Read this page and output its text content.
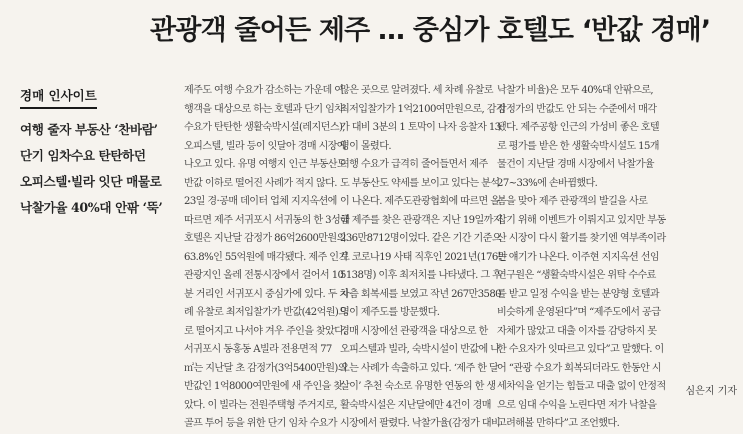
관광객 줄어든 제주 … 중심가 호텔도 ‘반값 경매’
경매 인사이트
여행 줄자 부동산 ‘찬바람’
단기 임차수요 탄탄하던
오피스텔·빌라 잇단 매물로
낙찰가율 40%대 안팎 ‘뚝’
제주도 여행 수요가 감소하는 가운데 여
행객을 대상으로 하는 호텔과 단기 임차
수요가 탄탄한 생활숙박시설(레지던스),
오피스텔, 빌라 등이 잇달아 경매 시장에
나오고 있다. 유명 여행지 인근 부동산도
반값 이하로 떨어진 사례가 적지 않다.
23일 경·공매 데이터 업체 지지옥션에
따르면 제주 서귀포시 서귀동의 한 3성급
호텔은 지난달 감정가 86억2600만원의
63.8%인 55억원에 매각됐다. 제주 인기
관광지인 올레 전통시장에서 걸어서 10
분 거리인 서귀포시 중심가에 있다. 두 차
례 유찰로 최저입찰가가 반값(42억원)으
로 떨어지고 나서야 겨우 주인을 찾았다.
서귀포시 동홍동 A빌라 전용면적 77
㎡는 지난달 초 감정가(3억5400만원)의
반값인 1억8000여만원에 새 주인을 찾
았다. 이 빌라는 전원주택형 주거지로,
골프 투어 등을 위한 단기 임차 수요가
많은 곳으로 알려졌다. 세 차례 유찰로
최저입찰가가 1억2100여만원으로, 감정
가 대비 3분의 1 토막이 나자 응찰자 13
명이 몰렸다.
여행 수요가 급격히 줄어들면서 제주
도 부동산도 약세를 보이고 있다는 분석
이 나온다. 제주도관광협회에 따르면 올
해 제주를 찾은 관광객은 지난 19일까지
236만8712명이었다. 같은 기간 기준으
로 코로나19 사태 직후인 2021년(176만
5138명) 이후 최저치를 나타냈다. 그 후
차츰 회복세를 보였고 작년 267만3580
명이 제주도를 방문했다.
경매 시장에선 관광객을 대상으로 한
오피스텔과 빌라, 숙박시설이 반값에 나
오는 사례가 속출하고 있다. ‘제주 한 달
살이’ 추천 숙소로 유명한 연동의 한 생
활숙박시설은 지난달에만 4건이 경매
시장에서 팔렸다. 낙찰가율(감정가 대비
낙찰가 비율)은 모두 40%대 안팎으로,
감정가의 반값도 안 되는 수준에서 매각
됐다. 제주공항 인근의 가성비 좋은 호텔
로 평가를 받은 한 생활숙박시설도 15개
물건이 지난달 경매 시장에서 낙찰가율
27~33%에 손바뀜했다.
봄을 맞아 제주 관광객의 발길을 사로
잡기 위해 이벤트가 이뤄지고 있지만 부동
산 시장이 다시 활기를 찾기엔 역부족이라
는 얘기가 나온다. 이주현 지지옥션 선임
연구원은 “생활숙박시설은 위탁 수수료
를 받고 일정 수익을 받는 분양형 호텔과
비슷하게 운영된다”며 “제주도에서 공급
자체가 많았고 대출 이자를 감당하지 못
한 수요자가 잇따르고 있다”고 말했다. 이
어 “관광 수요가 회복되더라도 한동안 시
세차익을 얻기는 힘들고 대출 없이 안정적
으로 임대 수익을 노린다면 저가 낙찰을
고려해볼 만하다”고 조언했다.
심은지 기자
